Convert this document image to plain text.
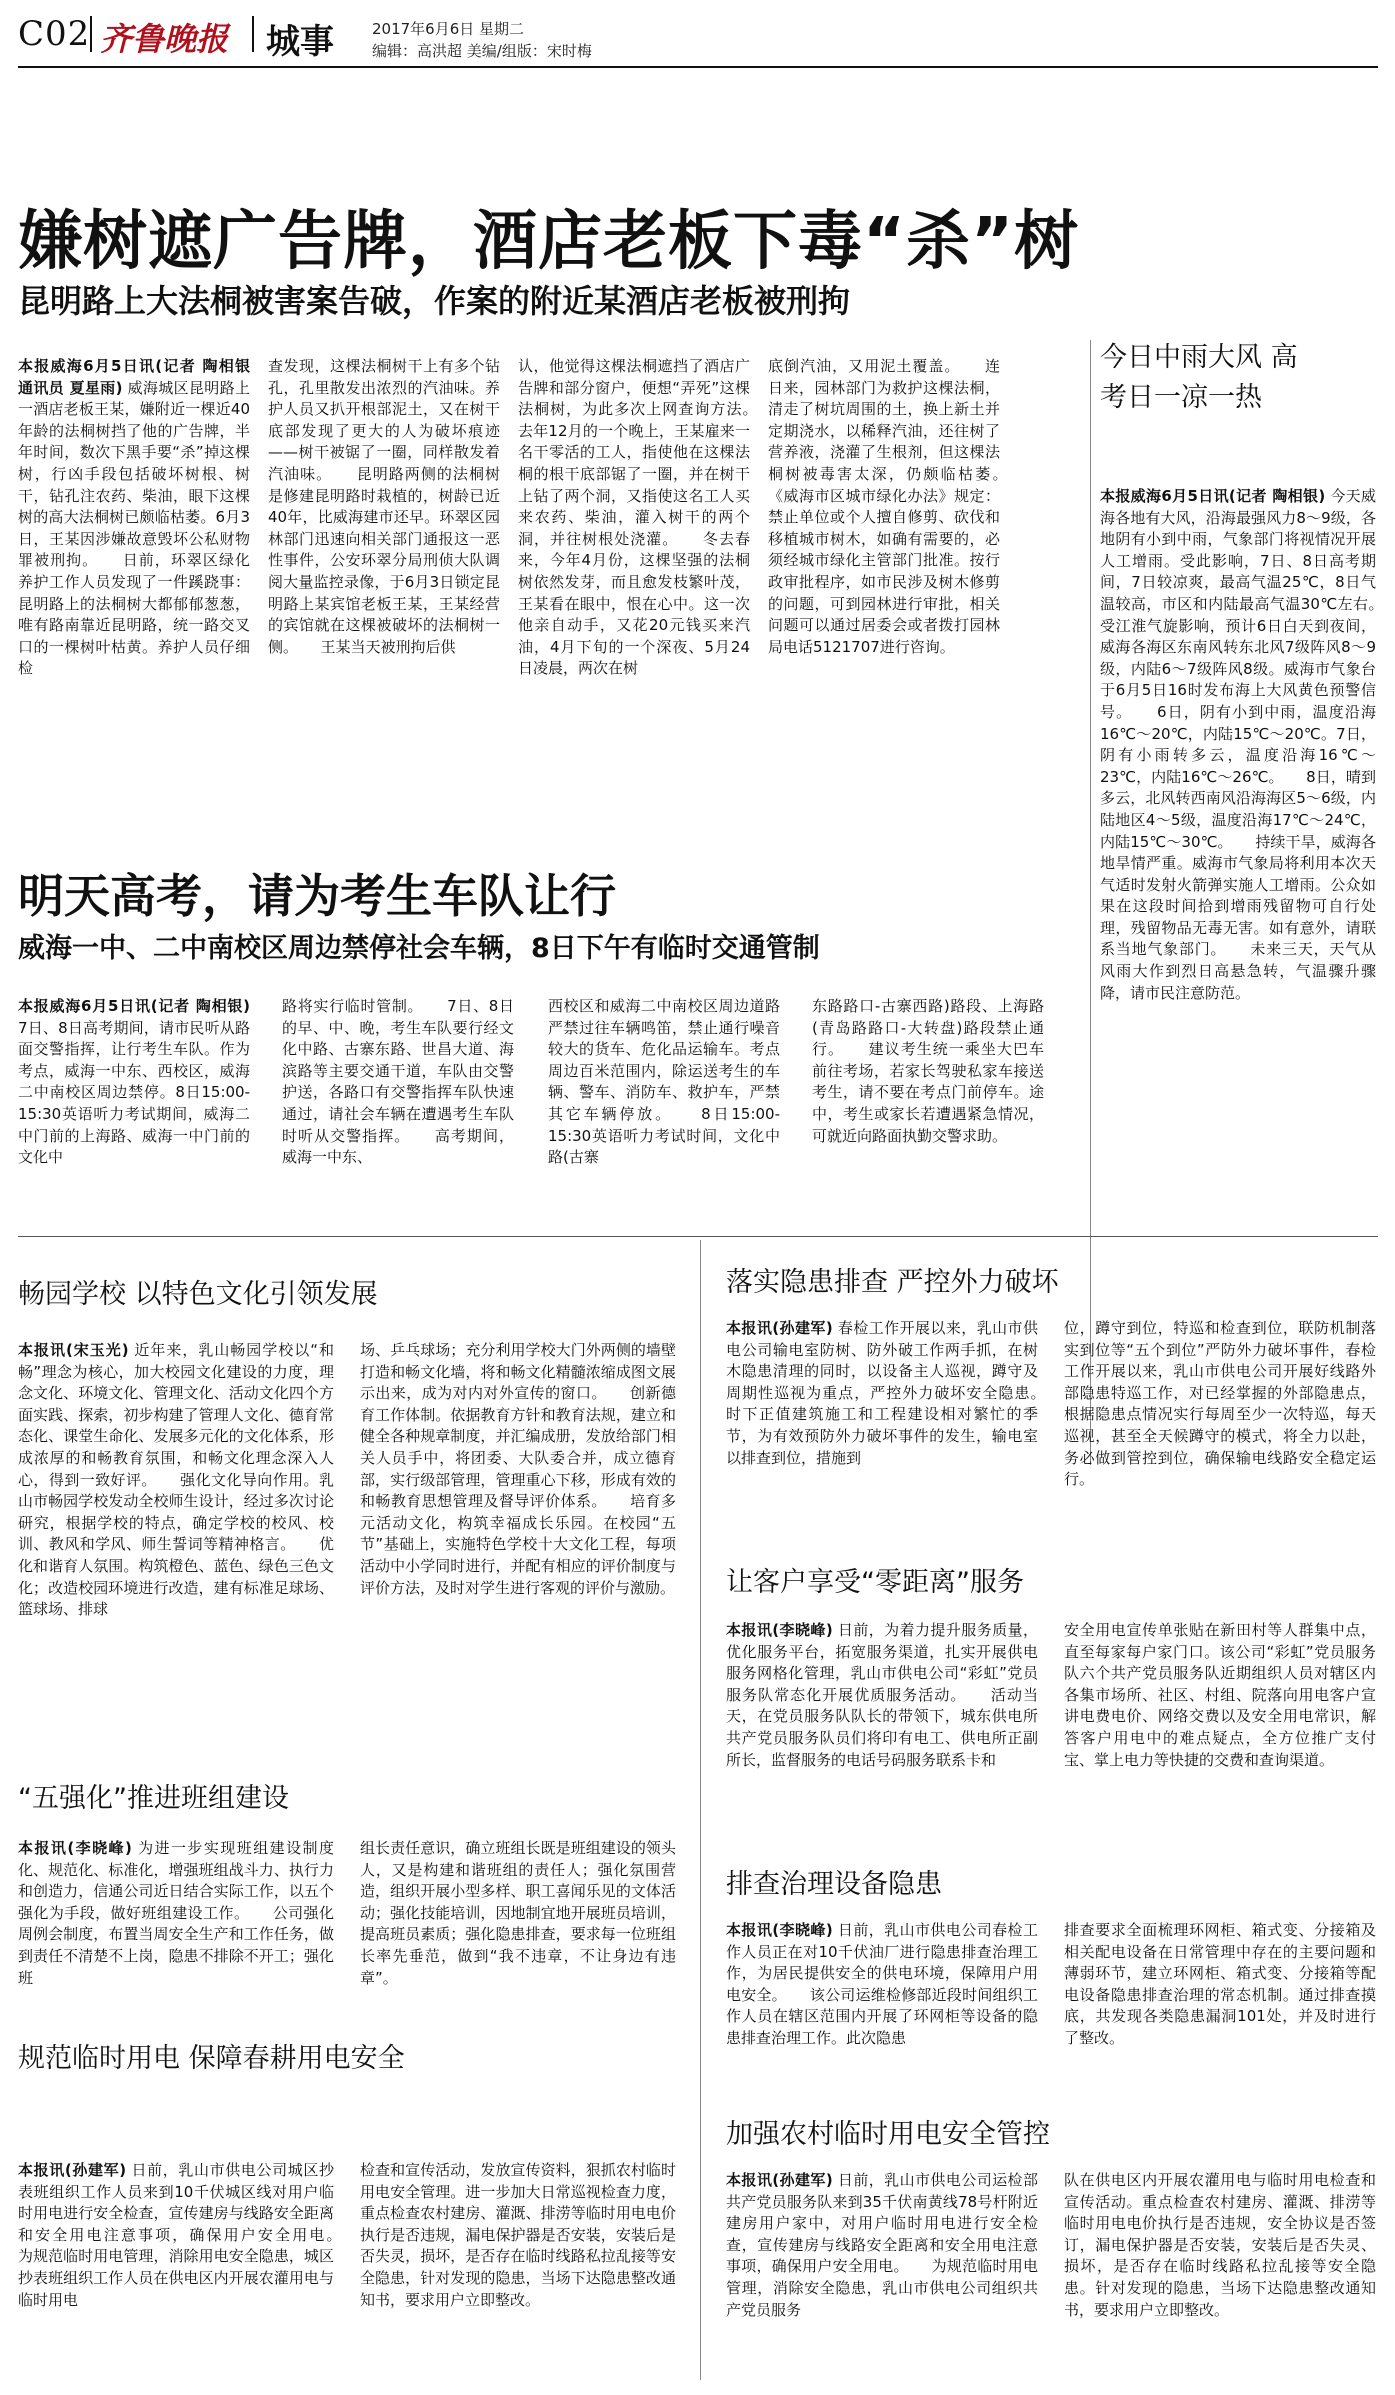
C02 齐鲁晚报 城事	2017年6月6日 星期二
编辑：高洪超 美编/组版：宋时梅
嫌树遮广告牌，酒店老板下毒“杀”树
昆明路上大法桐被害案告破，作案的附近某酒店老板被刑拘
本报威海6月5日讯(记者 陶相银 通讯员 夏星雨) 威海城区昆明路上一酒店老板王某，嫌附近一棵近40年龄的法桐树挡了他的广告牌，半年时间，数次下黑手要“杀”掉这棵树，行凶手段包括破坏树根、树干，钻孔注农药、柴油，眼下这棵树的高大法桐树已颇临枯萎。6月3日，王某因涉嫌故意毁坏公私财物罪被刑拘。　　日前，环翠区绿化养护工作人员发现了一件蹊跷事：昆明路上的法桐树大都郁郁葱葱，唯有路南靠近昆明路，统一路交叉口的一棵树叶枯黄。养护人员仔细检
查发现，这棵法桐树干上有多个钻孔，孔里散发出浓烈的汽油味。养护人员又扒开根部泥土，又在树干底部发现了更大的人为破坏痕迹——树干被锯了一圈，同样散发着汽油味。　　昆明路两侧的法桐树是修建昆明路时栽植的，树龄已近40年，比威海建市还早。环翠区园林部门迅速向相关部门通报这一恶性事件，公安环翠分局刑侦大队调阅大量监控录像，于6月3日锁定昆明路上某宾馆老板王某，王某经营的宾馆就在这棵被破坏的法桐树一侧。　　王某当天被刑拘后供
认，他觉得这棵法桐遮挡了酒店广告牌和部分窗户，便想“弄死”这棵法桐树，为此多次上网查询方法。　　去年12月的一个晚上，王某雇来一名干零活的工人，指使他在这棵法桐的根干底部锯了一圈，并在树干上钻了两个洞，又指使这名工人买来农药、柴油，灌入树干的两个洞，并往树根处浇灌。　　冬去春来，今年4月份，这棵坚强的法桐树依然发芽，而且愈发枝繁叶茂，王某看在眼中，恨在心中。这一次他亲自动手，又花20元钱买来汽油，4月下旬的一个深夜、5月24日凌晨，两次在树
底倒汽油，又用泥土覆盖。　　连日来，园林部门为救护这棵法桐，清走了树坑周围的土，换上新土并定期浇水，以稀释汽油，还往树了营养液，浇灌了生根剂，但这棵法桐树被毒害太深，仍颇临枯萎。　　《威海市区城市绿化办法》规定：禁止单位或个人擅自修剪、砍伐和移植城市树木，如确有需要的，必须经城市绿化主管部门批准。按行政审批程序，如市民涉及树木修剪的问题，可到园林进行审批，相关问题可以通过居委会或者拨打园林局电话5121707进行咨询。
今日中雨大风 高考日一凉一热
本报威海6月5日讯(记者 陶相银) 今天威海各地有大风，沿海最强风力8～9级，各地阴有小到中雨，气象部门将视情况开展人工增雨。受此影响，7日、8日高考期间，7日较凉爽，最高气温25℃，8日气温较高，市区和内陆最高气温30℃左右。　　受江淮气旋影响，预计6日白天到夜间，威海各海区东南风转东北风7级阵风8～9级，内陆6～7级阵风8级。威海市气象台于6月5日16时发布海上大风黄色预警信号。　　6日，阴有小到中雨，温度沿海16℃～20℃，内陆15℃～20℃。7日，阴有小雨转多云，温度沿海16℃～23℃，内陆16℃～26℃。　　8日，晴到多云，北风转西南风沿海海区5～6级，内陆地区4～5级，温度沿海17℃～24℃，内陆15℃～30℃。　　持续干旱，威海各地旱情严重。威海市气象局将利用本次天气适时发射火箭弹实施人工增雨。公众如果在这段时间拾到增雨残留物可自行处理，残留物品无毒无害。如有意外，请联系当地气象部门。　　未来三天，天气从风雨大作到烈日高悬急转，气温骤升骤降，请市民注意防范。
明天高考，请为考生车队让行
威海一中、二中南校区周边禁停社会车辆，8日下午有临时交通管制
本报威海6月5日讯(记者 陶相银) 7日、8日高考期间，请市民听从路面交警指挥，让行考生车队。作为考点，威海一中东、西校区，威海二中南校区周边禁停。8日15:00-15:30英语听力考试期间，威海二中门前的上海路、威海一中门前的文化中
路将实行临时管制。　　7日、8日的早、中、晚，考生车队要行经文化中路、古寨东路、世昌大道、海滨路等主要交通干道，车队由交警护送，各路口有交警指挥车队快速通过，请社会车辆在遭遇考生车队时听从交警指挥。　　高考期间，威海一中东、
西校区和威海二中南校区周边道路严禁过往车辆鸣笛，禁止通行噪音较大的货车、危化品运输车。考点周边百米范围内，除运送考生的车辆、警车、消防车、救护车，严禁其它车辆停放。　　8日15:00-15:30英语听力考试时间，文化中路(古寨
东路路口-古寨西路)路段、上海路(青岛路路口-大转盘)路段禁止通行。　　建议考生统一乘坐大巴车前往考场，若家长驾驶私家车接送考生，请不要在考点门前停车。途中，考生或家长若遭遇紧急情况，可就近向路面执勤交警求助。
畅园学校 以特色文化引领发展
本报讯(宋玉光) 近年来，乳山畅园学校以“和畅”理念为核心，加大校园文化建设的力度，理念文化、环境文化、管理文化、活动文化四个方面实践、探索，初步构建了管理人文化、德育常态化、课堂生命化、发展多元化的文化体系，形成浓厚的和畅教育氛围，和畅文化理念深入人心，得到一致好评。　　强化文化导向作用。乳山市畅园学校发动全校师生设计，经过多次讨论研究，根据学校的特点，确定学校的校风、校训、教风和学风、师生誓词等精神格言。　　优化和谐育人氛围。构筑橙色、蓝色、绿色三色文化；改造校园环境进行改造，建有标准足球场、篮球场、排球
场、乒乓球场；充分利用学校大门外两侧的墙壁打造和畅文化墙，将和畅文化精髓浓缩成图文展示出来，成为对内对外宣传的窗口。　　创新德育工作体制。依据教育方针和教育法规，建立和健全各种规章制度，并汇编成册，发放给部门相关人员手中，将团委、大队委合并，成立德育部，实行级部管理，管理重心下移，形成有效的和畅教育思想管理及督导评价体系。　　培育多元活动文化，构筑幸福成长乐园。在校园“五节”基础上，实施特色学校十大文化工程，每项活动中小学同时进行，并配有相应的评价制度与评价方法，及时对学生进行客观的评价与激励。
“五强化”推进班组建设
本报讯(李晓峰) 为进一步实现班组建设制度化、规范化、标准化，增强班组战斗力、执行力和创造力，信通公司近日结合实际工作，以五个强化为手段，做好班组建设工作。　　公司强化周例会制度，布置当周安全生产和工作任务，做到责任不清楚不上岗，隐患不排除不开工；强化班
组长责任意识，确立班组长既是班组建设的领头人，又是构建和谐班组的责任人；强化氛围营造，组织开展小型多样、职工喜闻乐见的文体活动；强化技能培训，因地制宜地开展班员培训，提高班员素质；强化隐患排查，要求每一位班组长率先垂范，做到“我不违章，不让身边有违章”。
规范临时用电 保障春耕用电安全
本报讯(孙建军) 日前，乳山市供电公司城区抄表班组织工作人员来到10千伏城区线对用户临时用电进行安全检查，宣传建房与线路安全距离和安全用电注意事项，确保用户安全用电。　　为规范临时用电管理，消除用电安全隐患，城区抄表班组织工作人员在供电区内开展农灌用电与临时用电
检查和宣传活动，发放宣传资料，狠抓农村临时用电安全管理。进一步加大日常巡视检查力度，重点检查农村建房、灌溉、排涝等临时用电电价执行是否违规，漏电保护器是否安装，安装后是否失灵，损坏，是否存在临时线路私拉乱接等安全隐患，针对发现的隐患，当场下达隐患整改通知书，要求用户立即整改。
落实隐患排查 严控外力破坏
本报讯(孙建军) 春检工作开展以来，乳山市供电公司输电室防树、防外破工作两手抓，在树木隐患清理的同时，以设备主人巡视，蹲守及周期性巡视为重点，严控外力破坏安全隐患。　　时下正值建筑施工和工程建设相对繁忙的季节，为有效预防外力破坏事件的发生，输电室以排查到位，措施到
位，蹲守到位，特巡和检查到位，联防机制落实到位等“五个到位”严防外力破坏事件，春检工作开展以来，乳山市供电公司开展好线路外部隐患特巡工作，对已经掌握的外部隐患点，根据隐患点情况实行每周至少一次特巡，每天巡视，甚至全天候蹲守的模式，将全力以赴，务必做到管控到位，确保输电线路安全稳定运行。
让客户享受“零距离”服务
本报讯(李晓峰) 日前，为着力提升服务质量，优化服务平台，拓宽服务渠道，扎实开展供电服务网格化管理，乳山市供电公司“彩虹”党员服务队常态化开展优质服务活动。　　活动当天，在党员服务队队长的带领下，城东供电所共产党员服务队员们将印有电工、供电所正副所长，监督服务的电话号码服务联系卡和
安全用电宣传单张贴在新田村等人群集中点，直至每家每户家门口。该公司“彩虹”党员服务队六个共产党员服务队近期组织人员对辖区内各集市场所、社区、村组、院落向用电客户宣讲电费电价、网络交费以及安全用电常识，解答客户用电中的难点疑点，全方位推广支付宝、掌上电力等快捷的交费和查询渠道。
排查治理设备隐患
本报讯(李晓峰) 日前，乳山市供电公司春检工作人员正在对10千伏油厂进行隐患排查治理工作，为居民提供安全的供电环境，保障用户用电安全。　　该公司运维检修部近段时间组织工作人员在辖区范围内开展了环网柜等设备的隐患排查治理工作。此次隐患
排查要求全面梳理环网柜、箱式变、分接箱及相关配电设备在日常管理中存在的主要问题和薄弱环节，建立环网柜、箱式变、分接箱等配电设备隐患排查治理的常态机制。通过排查摸底，共发现各类隐患漏洞101处，并及时进行了整改。
加强农村临时用电安全管控
本报讯(孙建军) 日前，乳山市供电公司运检部共产党员服务队来到35千伏南黄线78号杆附近建房用户家中，对用户临时用电进行安全检查，宣传建房与线路安全距离和安全用电注意事项，确保用户安全用电。　　为规范临时用电管理，消除安全隐患，乳山市供电公司组织共产党员服务
队在供电区内开展农灌用电与临时用电检查和宣传活动。重点检查农村建房、灌溉、排涝等临时用电电价执行是否违规，安全协议是否签订，漏电保护器是否安装，安装后是否失灵、损坏，是否存在临时线路私拉乱接等安全隐患。针对发现的隐患，当场下达隐患整改通知书，要求用户立即整改。
